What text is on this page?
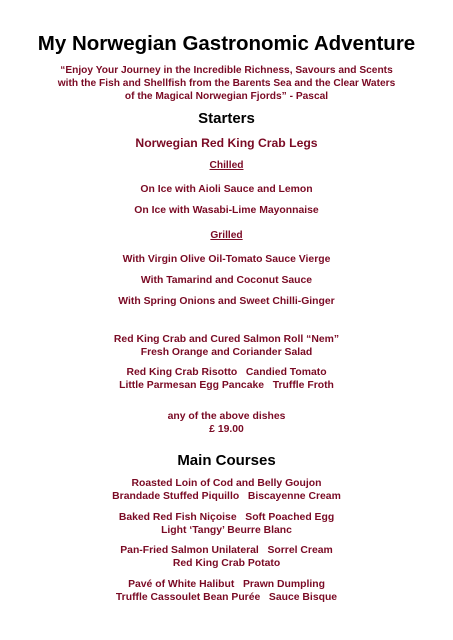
My Norwegian Gastronomic Adventure
“Enjoy Your Journey in the Incredible Richness, Savours and Scents
with the Fish and Shellfish from the Barents Sea and the Clear Waters
of the Magical Norwegian Fjords” - Pascal
Starters
Norwegian Red King Crab Legs
Chilled
On Ice with Aioli Sauce and Lemon
On Ice with Wasabi-Lime Mayonnaise
Grilled
With Virgin Olive Oil-Tomato Sauce Vierge
With Tamarind and Coconut Sauce
With Spring Onions and Sweet Chilli-Ginger
Red King Crab and Cured Salmon Roll “Nem”
Fresh Orange and Coriander Salad
Red King Crab Risotto   Candied Tomato
Little Parmesan Egg Pancake   Truffle Froth
any of the above dishes
£ 19.00
Main Courses
Roasted Loin of Cod and Belly Goujon
Brandade Stuffed Piquillo   Biscayenne Cream
Baked Red Fish Niçoise   Soft Poached Egg
Light ‘Tangy’ Beurre Blanc
Pan-Fried Salmon Unilateral   Sorrel Cream
Red King Crab Potato
Pavé of White Halibut   Prawn Dumpling
Truffle Cassoulet Bean Purée   Sauce Bisque
